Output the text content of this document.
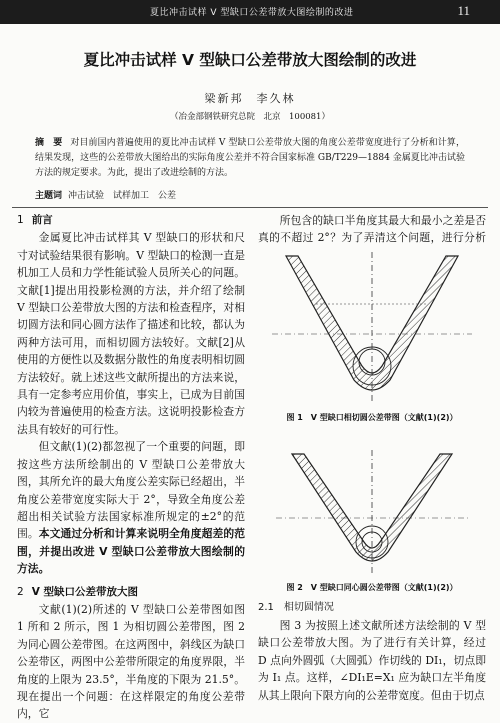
夏比冲击试样 V 型缺口公差带放大图绘制的改进	11
夏比冲击试样 V 型缺口公差带放大图绘制的改进
梁新邦　李久林
（冶金部钢铁研究总院　北京　100081）
摘　要 对目前国内普遍使用的夏比冲击试样 V 型缺口公差带放大图的角度公差带宽度进行了分析和计算，结果发现，这些的公差带放大图给出的实际角度公差并不符合国家标准 GB/T229—1884 金属夏比冲击试验方法的规定要求。为此，提出了改进绘制的方法。
主题词 冲击试验　试样加工　公差
1 前言

金属夏比冲击试样其 V 型缺口的形状和尺寸对试验结果很有影响。V 型缺口的检测一直是机加工人员和力学性能试验人员所关心的问题。文献[1]提出用投影检测的方法，并介绍了绘制 V 型缺口公差带放大图的方法和检查程序，对相切圆方法和同心圆方法作了描述和比较，都认为两种方法可用，而相切圆方法较好。文献[2]从使用的方便性以及数据分散性的角度表明相切圆方法较好。就上述这些文献所提出的方法来说，具有一定参考应用价值，事实上，已成为目前国内较为普遍使用的检查方法。这说明投影检查方法具有较好的可行性。

但文献(1)(2)都忽视了一个重要的问题，即按这些方法所绘制出的 V 型缺口公差带放大图，其所允许的最大角度公差实际已经超出，半角度公差带宽度实际大于 2°，导致全角度公差超出相关试验方法国家标准所规定的±2°的范围。本文通过分析和计算来说明全角度超差的范围，并提出改进 V 型缺口公差带放大图绘制的方法。

2 V 型缺口公差带放大图

文献(1)(2)所述的 V 型缺口公差带图如图 1 所和 2 所示，图 1 为相切圆公差带图，图 2 为同心圆公差带图。在这两图中，斜线区为缺口公差带区，两图中公差带所限定的角度界限，半角度的上限为 23.5°，半角度的下限为 21.5°。现在提出一个问题：在这样限定的角度公差带内，它

所包含的缺口半角度其最大和最小之差是否真的不超过 2°？为了弄清这个问题，进行分析

图 1　V 型缺口相切圆公差带图（文献(1)(2)）
图 2　V 型缺口同心圆公差带图（文献(1)(2)）
2.1　相切圆情况

图 3 为按照上述文献所述方法绘制的 V 型缺口公差带放大图。为了进行有关计算，经过 D 点向外圆弧（大圆弧）作切线的 DI₁，切点即为 I₁ 点。这样，∠DI₁E=X₁ 应为缺口左半角度从其上限向下限方向的公差带宽度。但由于切点
